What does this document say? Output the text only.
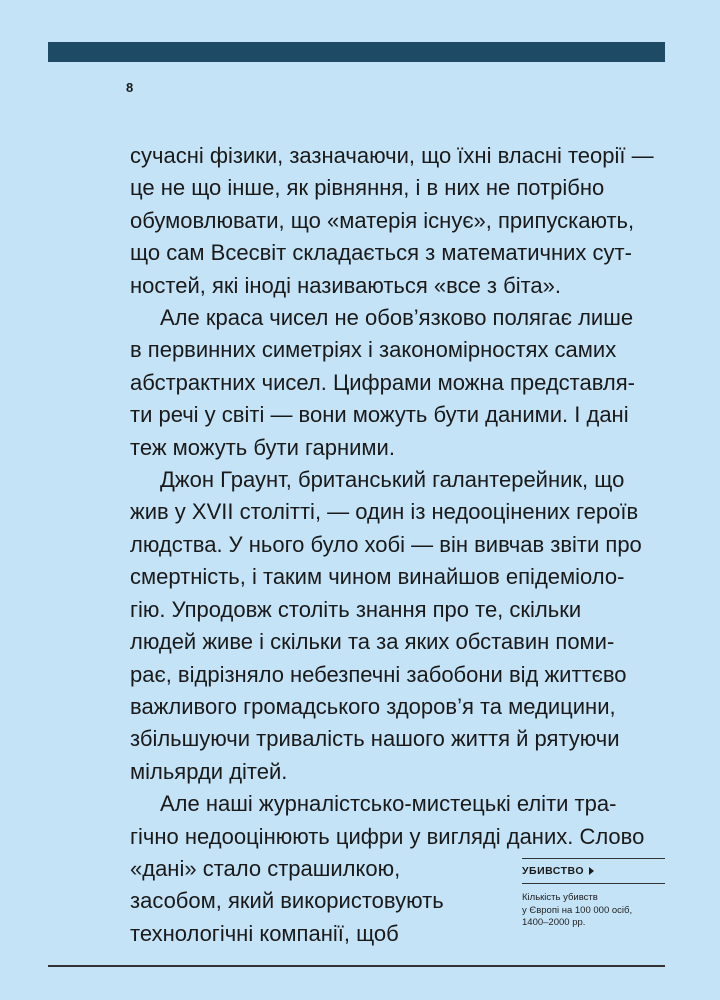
8
сучасні фізики, зазначаючи, що їхні власні теорії —
це не що інше, як рівняння, і в них не потрібно
обумовлювати, що «матерія існує», припускають,
що сам Всесвіт складається з математичних сут-
ностей, які іноді називаються «все з біта».
Але краса чисел не обов’язково полягає лише
в первинних симетріях і закономірностях самих
абстрактних чисел. Цифрами можна представля-
ти речі у світі — вони можуть бути даними. І дані
теж можуть бути гарними.
Джон Граунт, британський галантерейник, що
жив у XVII столітті, — один із недооцінених героїв
людства. У нього було хобі — він вивчав звіти про
смертність, і таким чином винайшов епідеміоло-
гію. Упродовж століть знання про те, скільки
людей живе і скільки та за яких обставин поми-
рає, відрізняло небезпечні забобони від життєво
важливого громадського здоров’я та медицини,
збільшуючи тривалість нашого життя й рятуючи
мільярди дітей.
Але наші журналістсько-мистецькі еліти тра-
гічно недооцінюють цифри у вигляді даних. Слово
«дані» стало страшилкою,
засобом, який використовують
технологічні компанії, щоб
УБИВСТВО
Кількість убивств
у Європі на 100 000 осіб,
1400–2000 рр.
